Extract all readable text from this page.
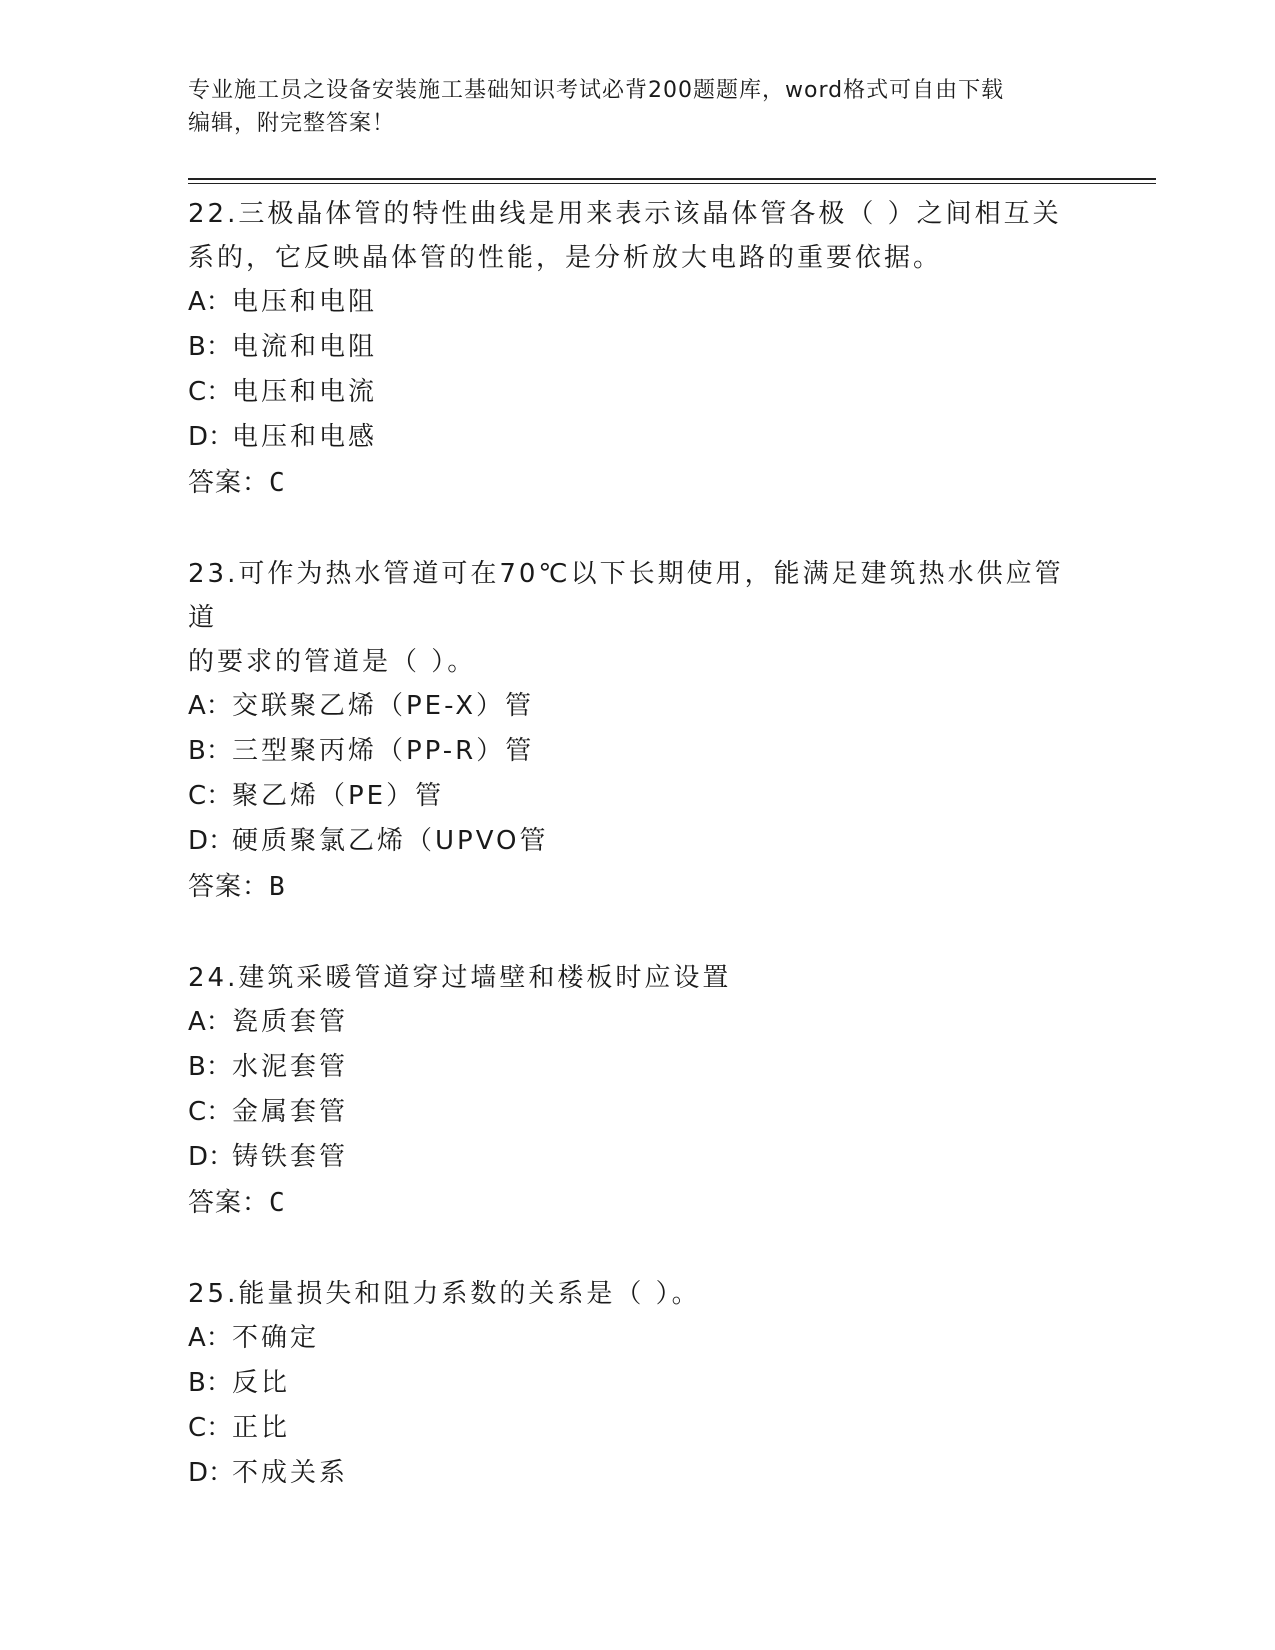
专业施工员之设备安装施工基础知识考试必背200题题库，word格式可自由下载
编辑，附完整答案！
22.三极晶体管的特性曲线是用来表示该晶体管各极（ ）之间相互关
系的，它反映晶体管的性能，是分析放大电路的重要依据。
A：电压和电阻
B：电流和电阻
C：电压和电流
D：电压和电感
答案：C
23.可作为热水管道可在70℃以下长期使用，能满足建筑热水供应管道
的要求的管道是（ ）。
A：交联聚乙烯（PE-X）管
B：三型聚丙烯（PP-R）管
C：聚乙烯（PE）管
D：硬质聚氯乙烯（UPVO管
答案：B
24.建筑采暖管道穿过墙壁和楼板时应设置
A：瓷质套管
B：水泥套管
C：金属套管
D：铸铁套管
答案：C
25.能量损失和阻力系数的关系是（ ）。
A：不确定
B：反比
C：正比
D：不成关系
